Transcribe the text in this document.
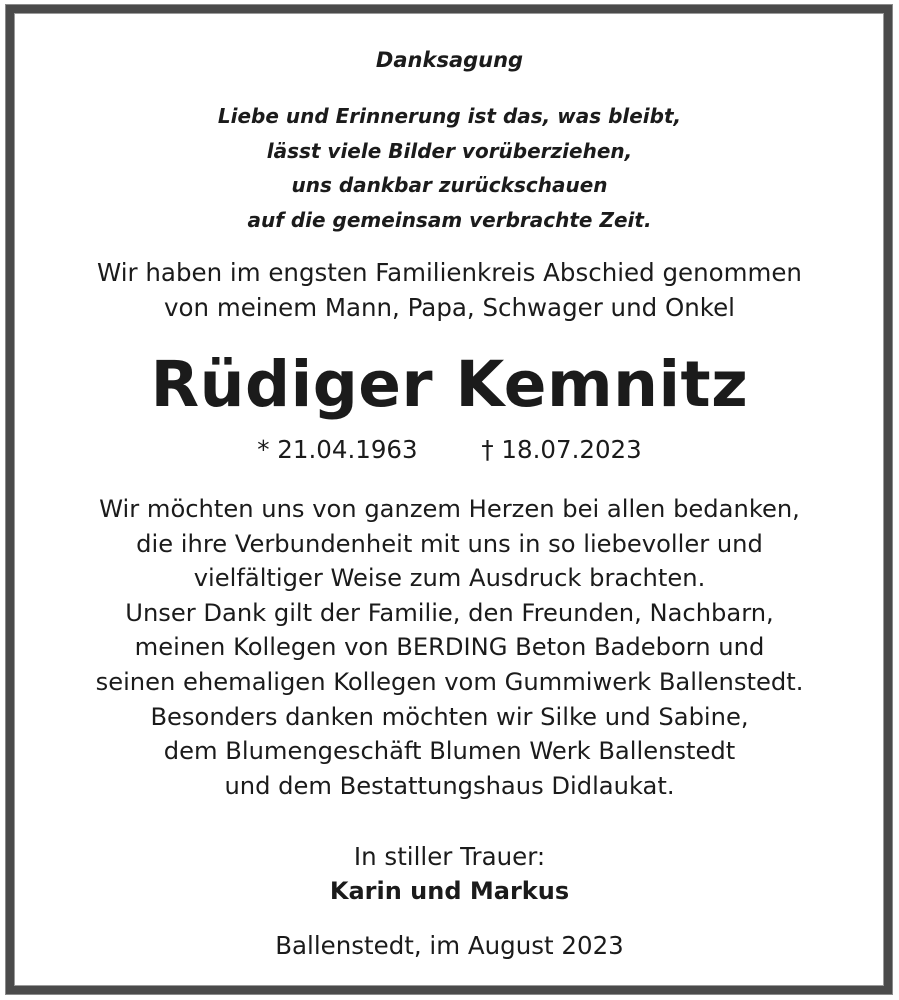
Danksagung
Liebe und Erinnerung ist das, was bleibt,
lässt viele Bilder vorüberziehen,
uns dankbar zurückschauen
auf die gemeinsam verbrachte Zeit.
Wir haben im engsten Familienkreis Abschied genommen
von meinem Mann, Papa, Schwager und Onkel
Rüdiger Kemnitz
* 21.04.1963	† 18.07.2023
Wir möchten uns von ganzem Herzen bei allen bedanken,
die ihre Verbundenheit mit uns in so liebevoller und
vielfältiger Weise zum Ausdruck brachten.
Unser Dank gilt der Familie, den Freunden, Nachbarn,
meinen Kollegen von BERDING Beton Badeborn und
seinen ehemaligen Kollegen vom Gummiwerk Ballenstedt.
Besonders danken möchten wir Silke und Sabine,
dem Blumengeschäft Blumen Werk Ballenstedt
und dem Bestattungshaus Didlaukat.
In stiller Trauer:
Karin und Markus

Ballenstedt, im August 2023
